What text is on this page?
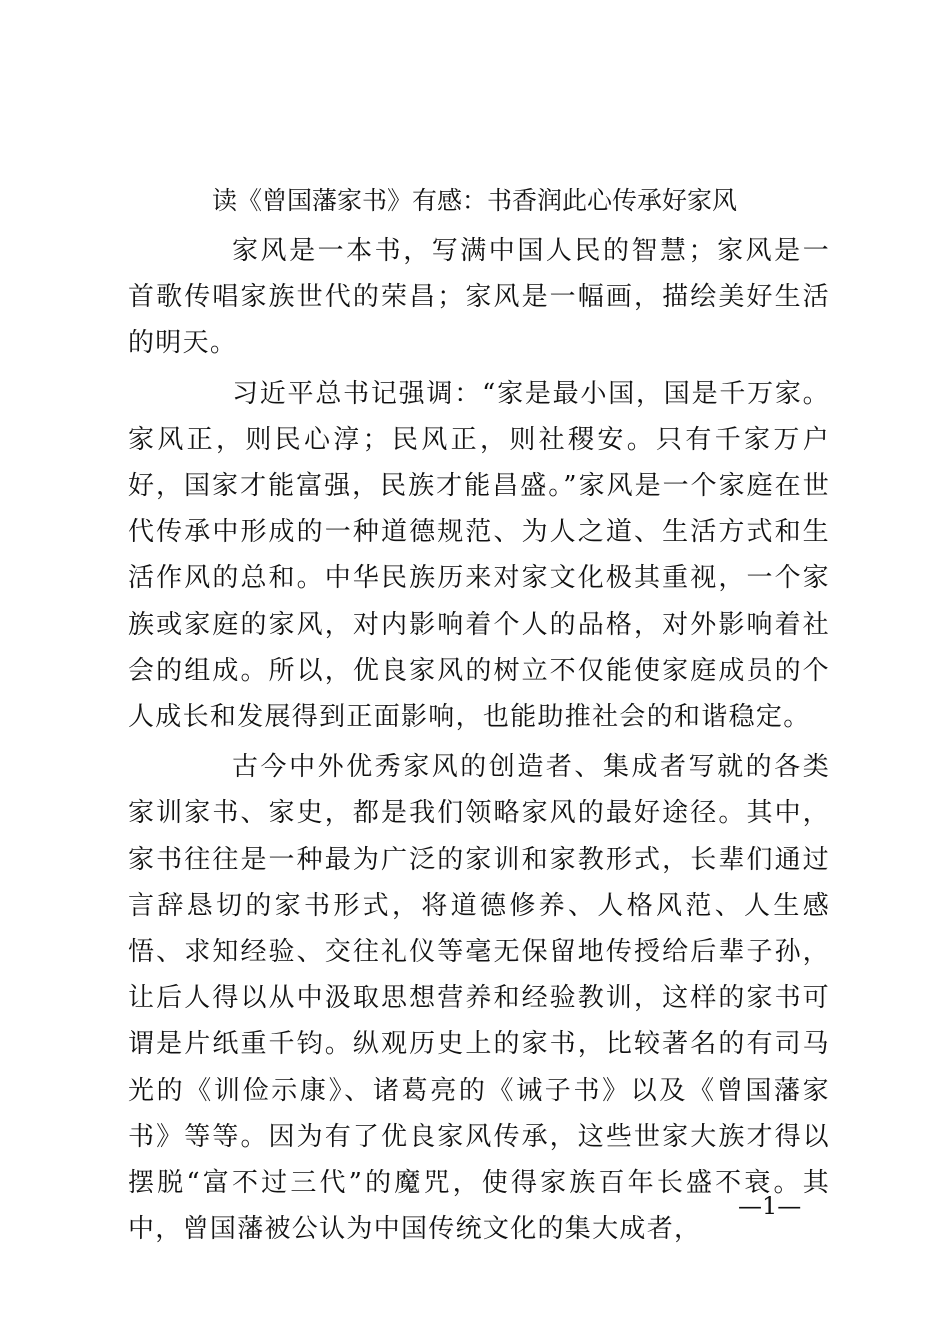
读《曾国藩家书》有感：书香润此心传承好家风

家风是一本书，写满中国人民的智慧；家风是一首歌传唱家族世代的荣昌；家风是一幅画，描绘美好生活的明天。

习近平总书记强调：“家是最小国，国是千万家。家风正，则民心淳；民风正，则社稷安。只有千家万户好，国家才能富强，民族才能昌盛。”家风是一个家庭在世代传承中形成的一种道德规范、为人之道、生活方式和生活作风的总和。中华民族历来对家文化极其重视，一个家族或家庭的家风，对内影响着个人的品格，对外影响着社会的组成。所以，优良家风的树立不仅能使家庭成员的个人成长和发展得到正面影响，也能助推社会的和谐稳定。

古今中外优秀家风的创造者、集成者写就的各类家训家书、家史，都是我们领略家风的最好途径。其中，家书往往是一种最为广泛的家训和家教形式，长辈们通过言辞恳切的家书形式，将道德修养、人格风范、人生感悟、求知经验、交往礼仪等毫无保留地传授给后辈子孙，让后人得以从中汲取思想营养和经验教训，这样的家书可谓是片纸重千钧。纵观历史上的家书，比较著名的有司马光的《训俭示康》、诸葛亮的《诫子书》以及《曾国藩家书》等等。因为有了优良家风传承，这些世家大族才得以摆脱“富不过三代”的魔咒，使得家族百年长盛不衰。其中，曾国藩被公认为中国传统文化的集大成者，

—1—
